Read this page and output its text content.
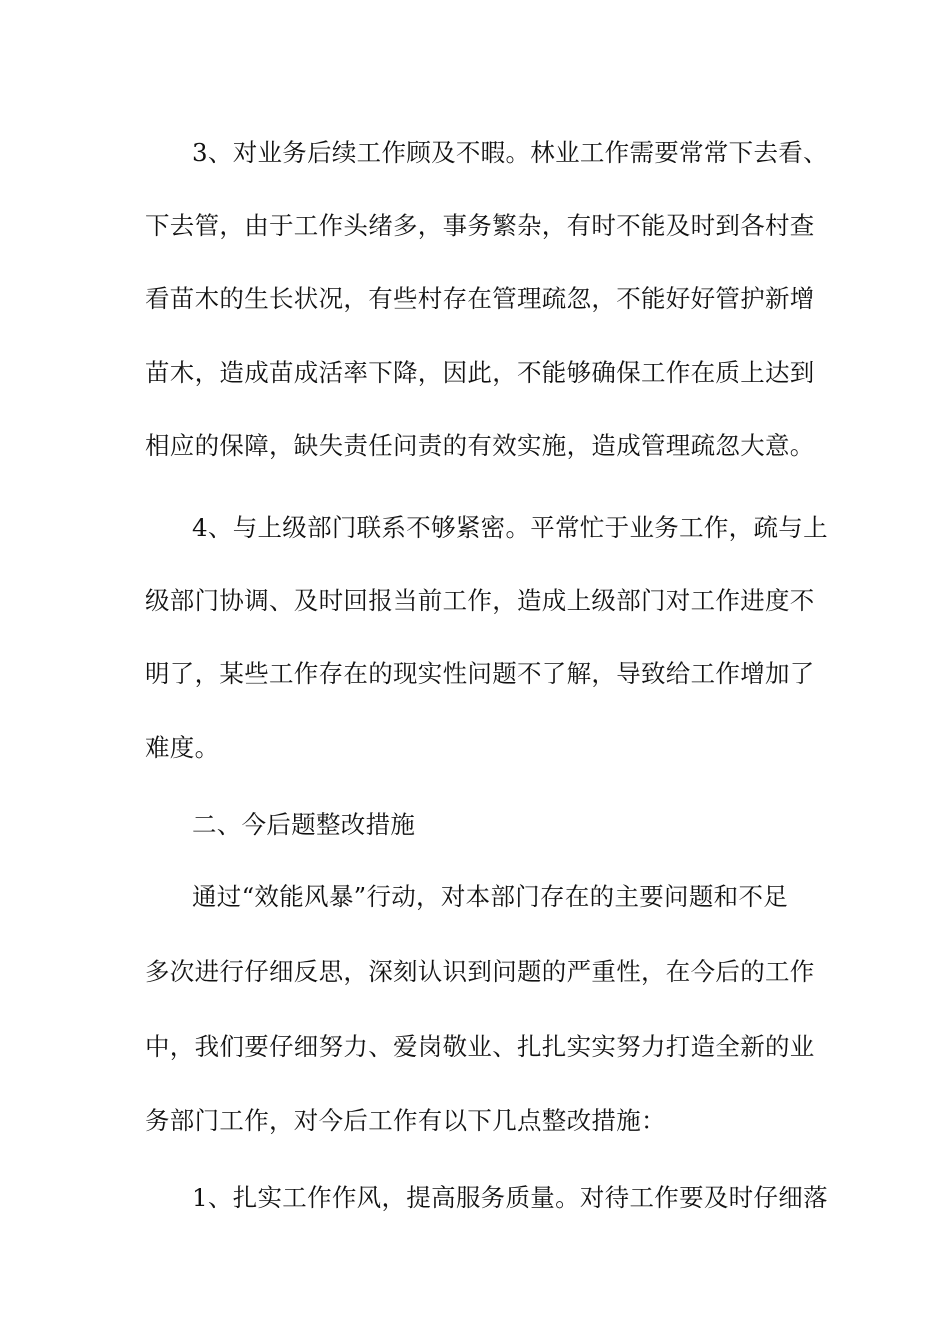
3、对业务后续工作顾及不暇。林业工作需要常常下去看、
下去管，由于工作头绪多，事务繁杂，有时不能及时到各村查
看苗木的生长状况，有些村存在管理疏忽，不能好好管护新增
苗木，造成苗成活率下降，因此，不能够确保工作在质上达到
相应的保障，缺失责任问责的有效实施，造成管理疏忽大意。
4、与上级部门联系不够紧密。平常忙于业务工作，疏与上
级部门协调、及时回报当前工作，造成上级部门对工作进度不
明了，某些工作存在的现实性问题不了解，导致给工作增加了
难度。
二、今后题整改措施
通过“效能风暴”行动，对本部门存在的主要问题和不足
多次进行仔细反思，深刻认识到问题的严重性，在今后的工作
中，我们要仔细努力、爱岗敬业、扎扎实实努力打造全新的业
务部门工作，对今后工作有以下几点整改措施：
1、扎实工作作风，提高服务质量。对待工作要及时仔细落
